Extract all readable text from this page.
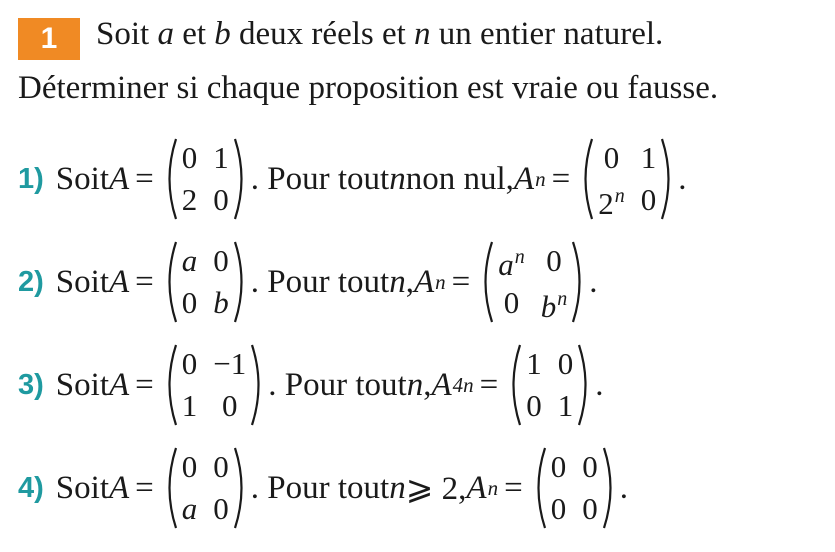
1 Soit a et b deux réels et n un entier naturel.
Déterminer si chaque proposition est vraie ou fausse.
1) Soit A =
0 1
2 0
. Pour tout n non nul, A n =
0 1
2$^n$ 0
.
2) Soit A =
a 0
0 b
. Pour tout n , A $n = a^n$ 0
0 $b^n$ .
3) Soit A =
0 −1
1 0
. Pour tout n , A 4n =
1 0
0 1
.
4) Soit A =
0 0
a 0
. Pour tout n ⩾ 2, A n =
0 0
0 0
.
